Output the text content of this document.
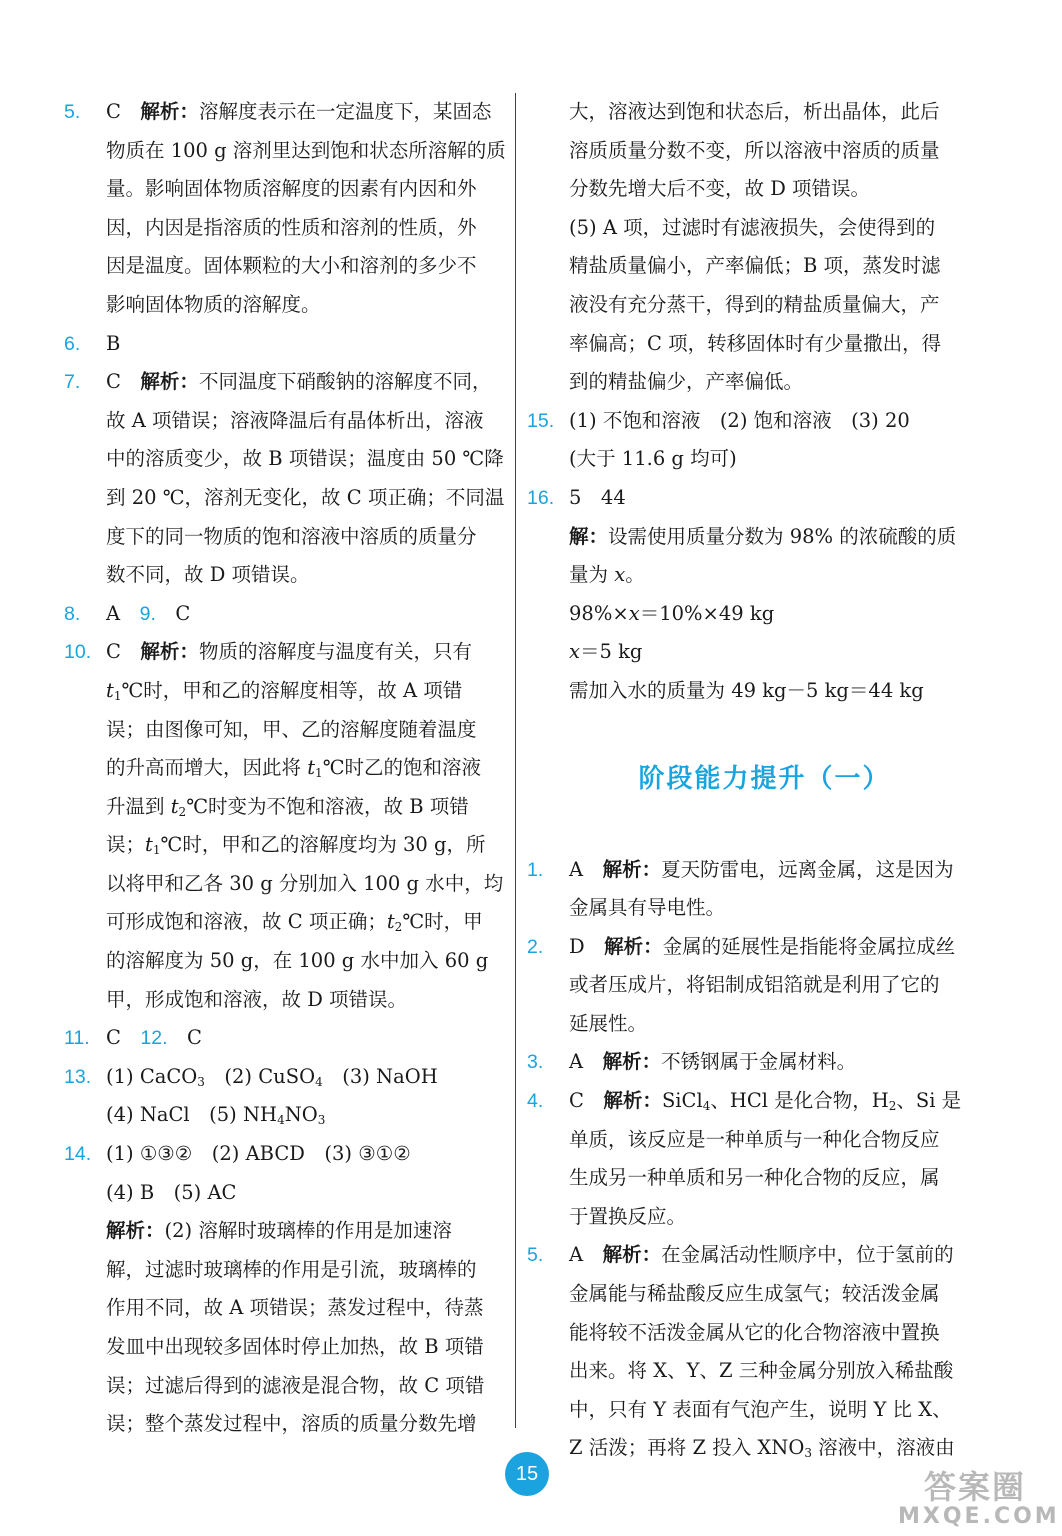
5. C　解析：溶解度表示在一定温度下，某固态
物质在 100 g 溶剂里达到饱和状态所溶解的质
量。影响固体物质溶解度的因素有内因和外
因，内因是指溶质的性质和溶剂的性质，外
因是温度。固体颗粒的大小和溶剂的多少不
影响固体物质的溶解度。
6. B
7. C　解析：不同温度下硝酸钠的溶解度不同，
故 A 项错误；溶液降温后有晶体析出，溶液
中的溶质变少，故 B 项错误；温度由 50 ℃降
到 20 ℃，溶剂无变化，故 C 项正确；不同温
度下的同一物质的饱和溶液中溶质的质量分
数不同，故 D 项错误。
8. A　9.　C
10. C　解析：物质的溶解度与温度有关，只有
$t_1℃$时，甲和乙的溶解度相等，故 A 项错
误；由图像可知，甲、乙的溶解度随着温度
的升高而增大，因此将 $t_1℃$时乙的饱和溶液
升温到 $t_2℃$时变为不饱和溶液，故 B 项错
误；$t_1℃$时，甲和乙的溶解度均为 30 g，所
以将甲和乙各 30 g 分别加入 100 g 水中，均
可形成饱和溶液，故 C 项正确；$t_2℃$时，甲
的溶解度为 50 g，在 100 g 水中加入 60 g
甲，形成饱和溶液，故 D 项错误。
11. C　12.　C
13. (1) CaCO$_3$　(2) CuSO$_4$　(3) NaOH
(4) NaCl　(5) $NH_4NO_3$
14. (1) ①③②　(2) ABCD　(3) ③①②
(4) B　(5) AC
解析：(2) 溶解时玻璃棒的作用是加速溶
解，过滤时玻璃棒的作用是引流，玻璃棒的
作用不同，故 A 项错误；蒸发过程中，待蒸
发皿中出现较多固体时停止加热，故 B 项错
误；过滤后得到的滤液是混合物，故 C 项错
误；整个蒸发过程中，溶质的质量分数先增
大，溶液达到饱和状态后，析出晶体，此后
溶质质量分数不变，所以溶液中溶质的质量
分数先增大后不变，故 D 项错误。
(5) A 项，过滤时有滤液损失，会使得到的
精盐质量偏小，产率偏低；B 项，蒸发时滤
液没有充分蒸干，得到的精盐质量偏大，产
率偏高；C 项，转移固体时有少量撒出，得
到的精盐偏少，产率偏低。
15. (1) 不饱和溶液　(2) 饱和溶液　(3) 20
(大于 11.6 g 均可)
16. 5　44
解：设需使用质量分数为 98% 的浓硫酸的质
量为 x。
98%×x＝10%×49 kg
x＝5 kg
需加入水的质量为 49 kg－5 kg＝44 kg
阶段能力提升（一）
1. A　解析：夏天防雷电，远离金属，这是因为
金属具有导电性。
2. D　解析：金属的延展性是指能将金属拉成丝
或者压成片，将铝制成铝箔就是利用了它的
延展性。
3. A　解析：不锈钢属于金属材料。
4. C　解析：SiCl$_4$、HCl 是化合物，$H_2$、Si 是
单质，该反应是一种单质与一种化合物反应
生成另一种单质和另一种化合物的反应，属
于置换反应。
5. A　解析：在金属活动性顺序中，位于氢前的
金属能与稀盐酸反应生成氢气；较活泼金属
能将较不活泼金属从它的化合物溶液中置换
出来。将 X、Y、Z 三种金属分别放入稀盐酸
中，只有 Y 表面有气泡产生，说明 Y 比 X、
Z 活泼；再将 Z 投入 $XNO_3$ 溶液中，溶液由
15	答案圈
MXQE.COM
